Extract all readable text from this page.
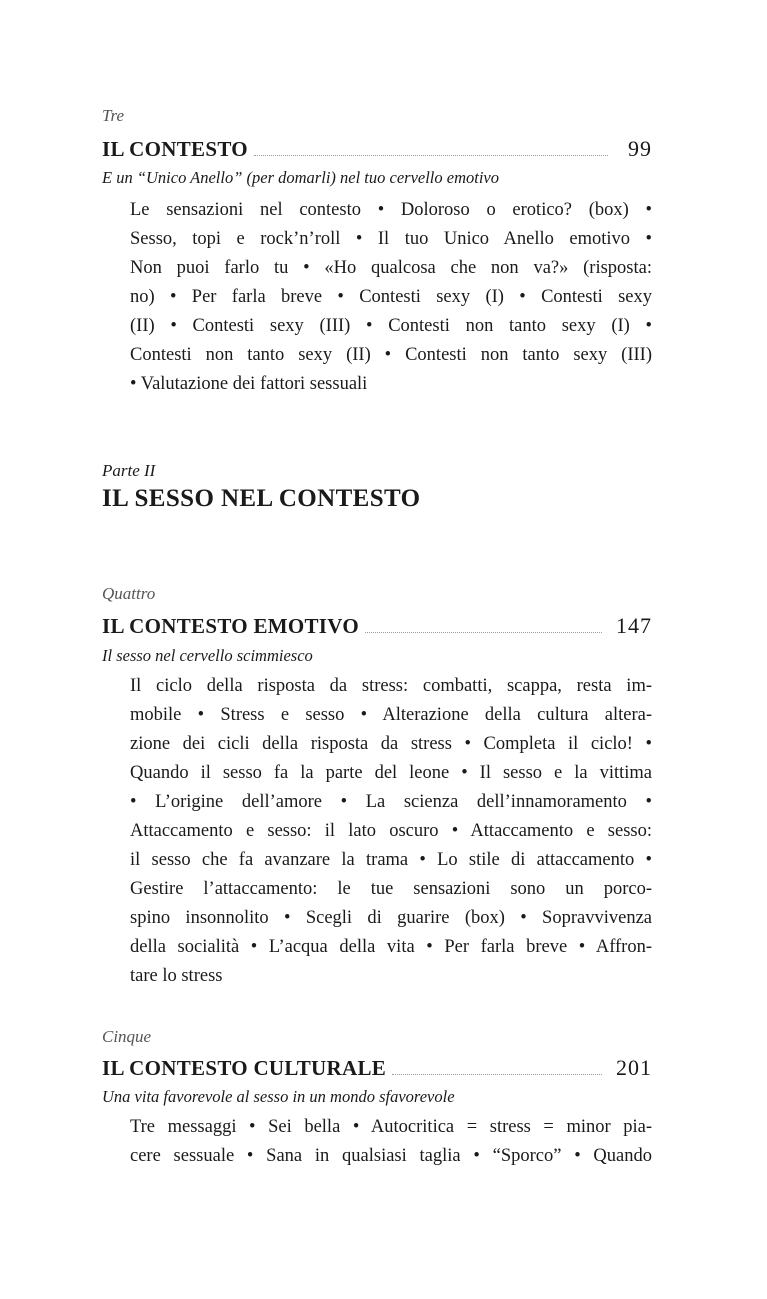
Tre
IL CONTESTO	99
E un “Unico Anello” (per domarli) nel tuo cervello emotivo
Le sensazioni nel contesto • Doloroso o erotico? (box) •
Sesso, topi e rock’n’roll • Il tuo Unico Anello emotivo •
Non puoi farlo tu • «Ho qualcosa che non va?» (risposta:
no) • Per farla breve • Contesti sexy (I) • Contesti sexy
(II) • Contesti sexy (III) • Contesti non tanto sexy (I) •
Contesti non tanto sexy (II) • Contesti non tanto sexy (III)
• Valutazione dei fattori sessuali
Parte II
IL SESSO NEL CONTESTO
Quattro
IL CONTESTO EMOTIVO	147
Il sesso nel cervello scimmiesco
Il ciclo della risposta da stress: combatti, scappa, resta im-
mobile • Stress e sesso • Alterazione della cultura altera-
zione dei cicli della risposta da stress • Completa il ciclo! •
Quando il sesso fa la parte del leone • Il sesso e la vittima
• L’origine dell’amore • La scienza dell’innamoramento •
Attaccamento e sesso: il lato oscuro • Attaccamento e sesso:
il sesso che fa avanzare la trama • Lo stile di attaccamento •
Gestire l’attaccamento: le tue sensazioni sono un porco-
spino insonnolito • Scegli di guarire (box) • Sopravvivenza
della socialità • L’acqua della vita • Per farla breve • Affron-
tare lo stress
Cinque
IL CONTESTO CULTURALE	201
Una vita favorevole al sesso in un mondo sfavorevole
Tre messaggi • Sei bella • Autocritica = stress = minor pia-
cere sessuale • Sana in qualsiasi taglia • “Sporco” • Quando
